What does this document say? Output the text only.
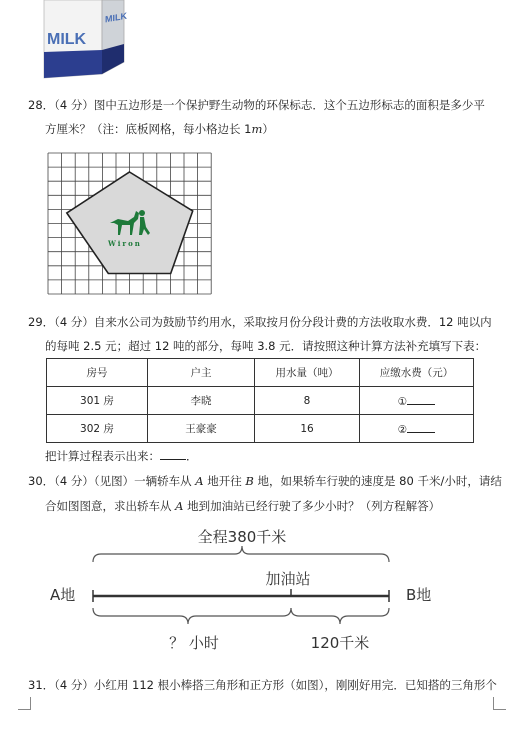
MILK
MILK
28．（4 分）图中五边形是一个保护野生动物的环保标志．这个五边形标志的面积是多少平
方厘米？（注：底板网格，每小格边长 1m）
Wiron
29．（4 分）自来水公司为鼓励节约用水，采取按月份分段计费的方法收取水费．12 吨以内
的每吨 2.5 元；超过 12 吨的部分，每吨 3.8 元．请按照这种计算方法补充填写下表：
房号	户主	用水量（吨）	应缴水费（元）
301 房	李晓	8	①
302 房	王豪豪	16	②
把计算过程表示出来： ．
30．（4 分）（见图）一辆轿车从 A 地开往 B 地，如果轿车行驶的速度是 80 千米/小时，请结
合如图图意，求出轿车从 A 地到加油站已经行驶了多少小时？（列方程解答）
全程380千米
加油站
A地	B地
？ 小时	120千米
31．（4 分）小红用 112 根小棒搭三角形和正方形（如图），刚刚好用完．已知搭的三角形个
